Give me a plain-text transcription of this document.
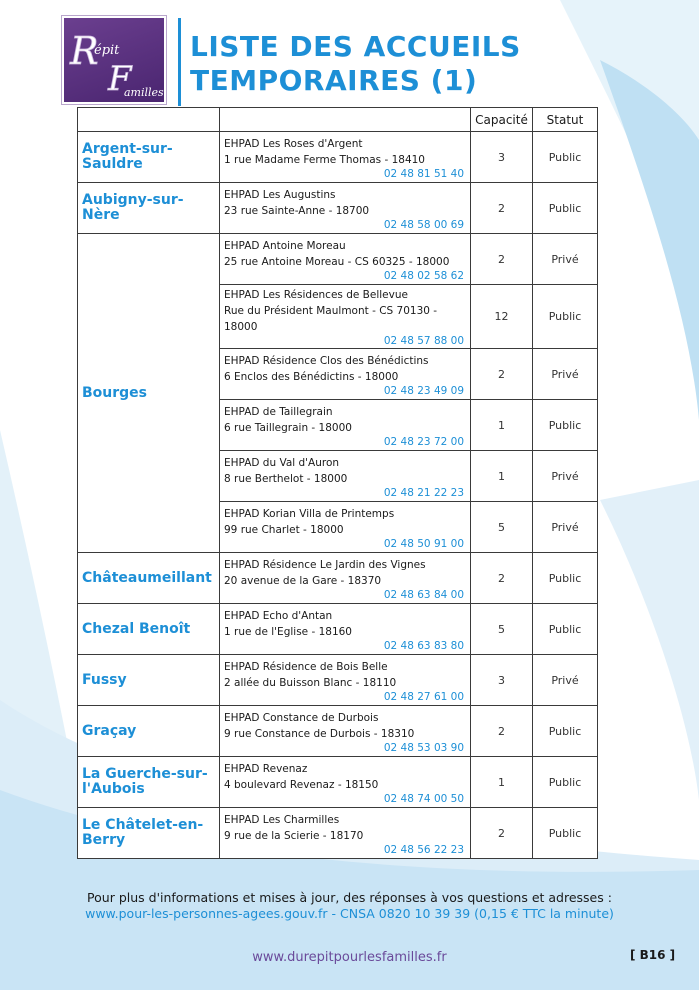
R
épit
F
amilles
LISTE DES ACCUEILS
TEMPORAIRES (1)
		Capacité	Statut
Argent-sur-Sauldre	EHPAD Les Roses d'Argent
1 rue Madame Ferme Thomas - 18410
02 48 81 51 40	3	Public
Aubigny-sur-Nère	EHPAD Les Augustins
23 rue Sainte-Anne - 18700
02 48 58 00 69	2	Public
Bourges	EHPAD Antoine Moreau
25 rue Antoine Moreau - CS 60325 - 18000
02 48 02 58 62	2	Privé

	EHPAD Les Résidences de Bellevue
Rue du Président Maulmont - CS 70130 - 18000
02 48 57 88 00	12	Public

	EHPAD Résidence Clos des Bénédictins
6 Enclos des Bénédictins - 18000
02 48 23 49 09	2	Privé

	EHPAD de Taillegrain
6 rue Taillegrain - 18000
02 48 23 72 00	1	Public

	EHPAD du Val d'Auron
8 rue Berthelot - 18000
02 48 21 22 23	1	Privé

	EHPAD Korian Villa de Printemps
99 rue Charlet - 18000
02 48 50 91 00	5	Privé
Châteaumeillant	EHPAD Résidence Le Jardin des Vignes
20 avenue de la Gare - 18370
02 48 63 84 00	2	Public
Chezal Benoît	EHPAD Echo d'Antan
1 rue de l'Eglise - 18160
02 48 63 83 80	5	Public
Fussy	EHPAD Résidence de Bois Belle
2 allée du Buisson Blanc - 18110
02 48 27 61 00	3	Privé
Graçay	EHPAD Constance de Durbois
9 rue Constance de Durbois - 18310
02 48 53 03 90	2	Public
La Guerche-sur-l'Aubois	EHPAD Revenaz
4 boulevard Revenaz - 18150
02 48 74 00 50	1	Public
Le Châtelet-en-Berry	EHPAD Les Charmilles
9 rue de la Scierie - 18170
02 48 56 22 23	2	Public
Pour plus d'informations et mises à jour, des réponses à vos questions et adresses :
www.pour-les-personnes-agees.gouv.fr - CNSA 0820 10 39 39 (0,15 € TTC la minute)
www.durepitpourlesfamilles.fr	[ B16 ]
